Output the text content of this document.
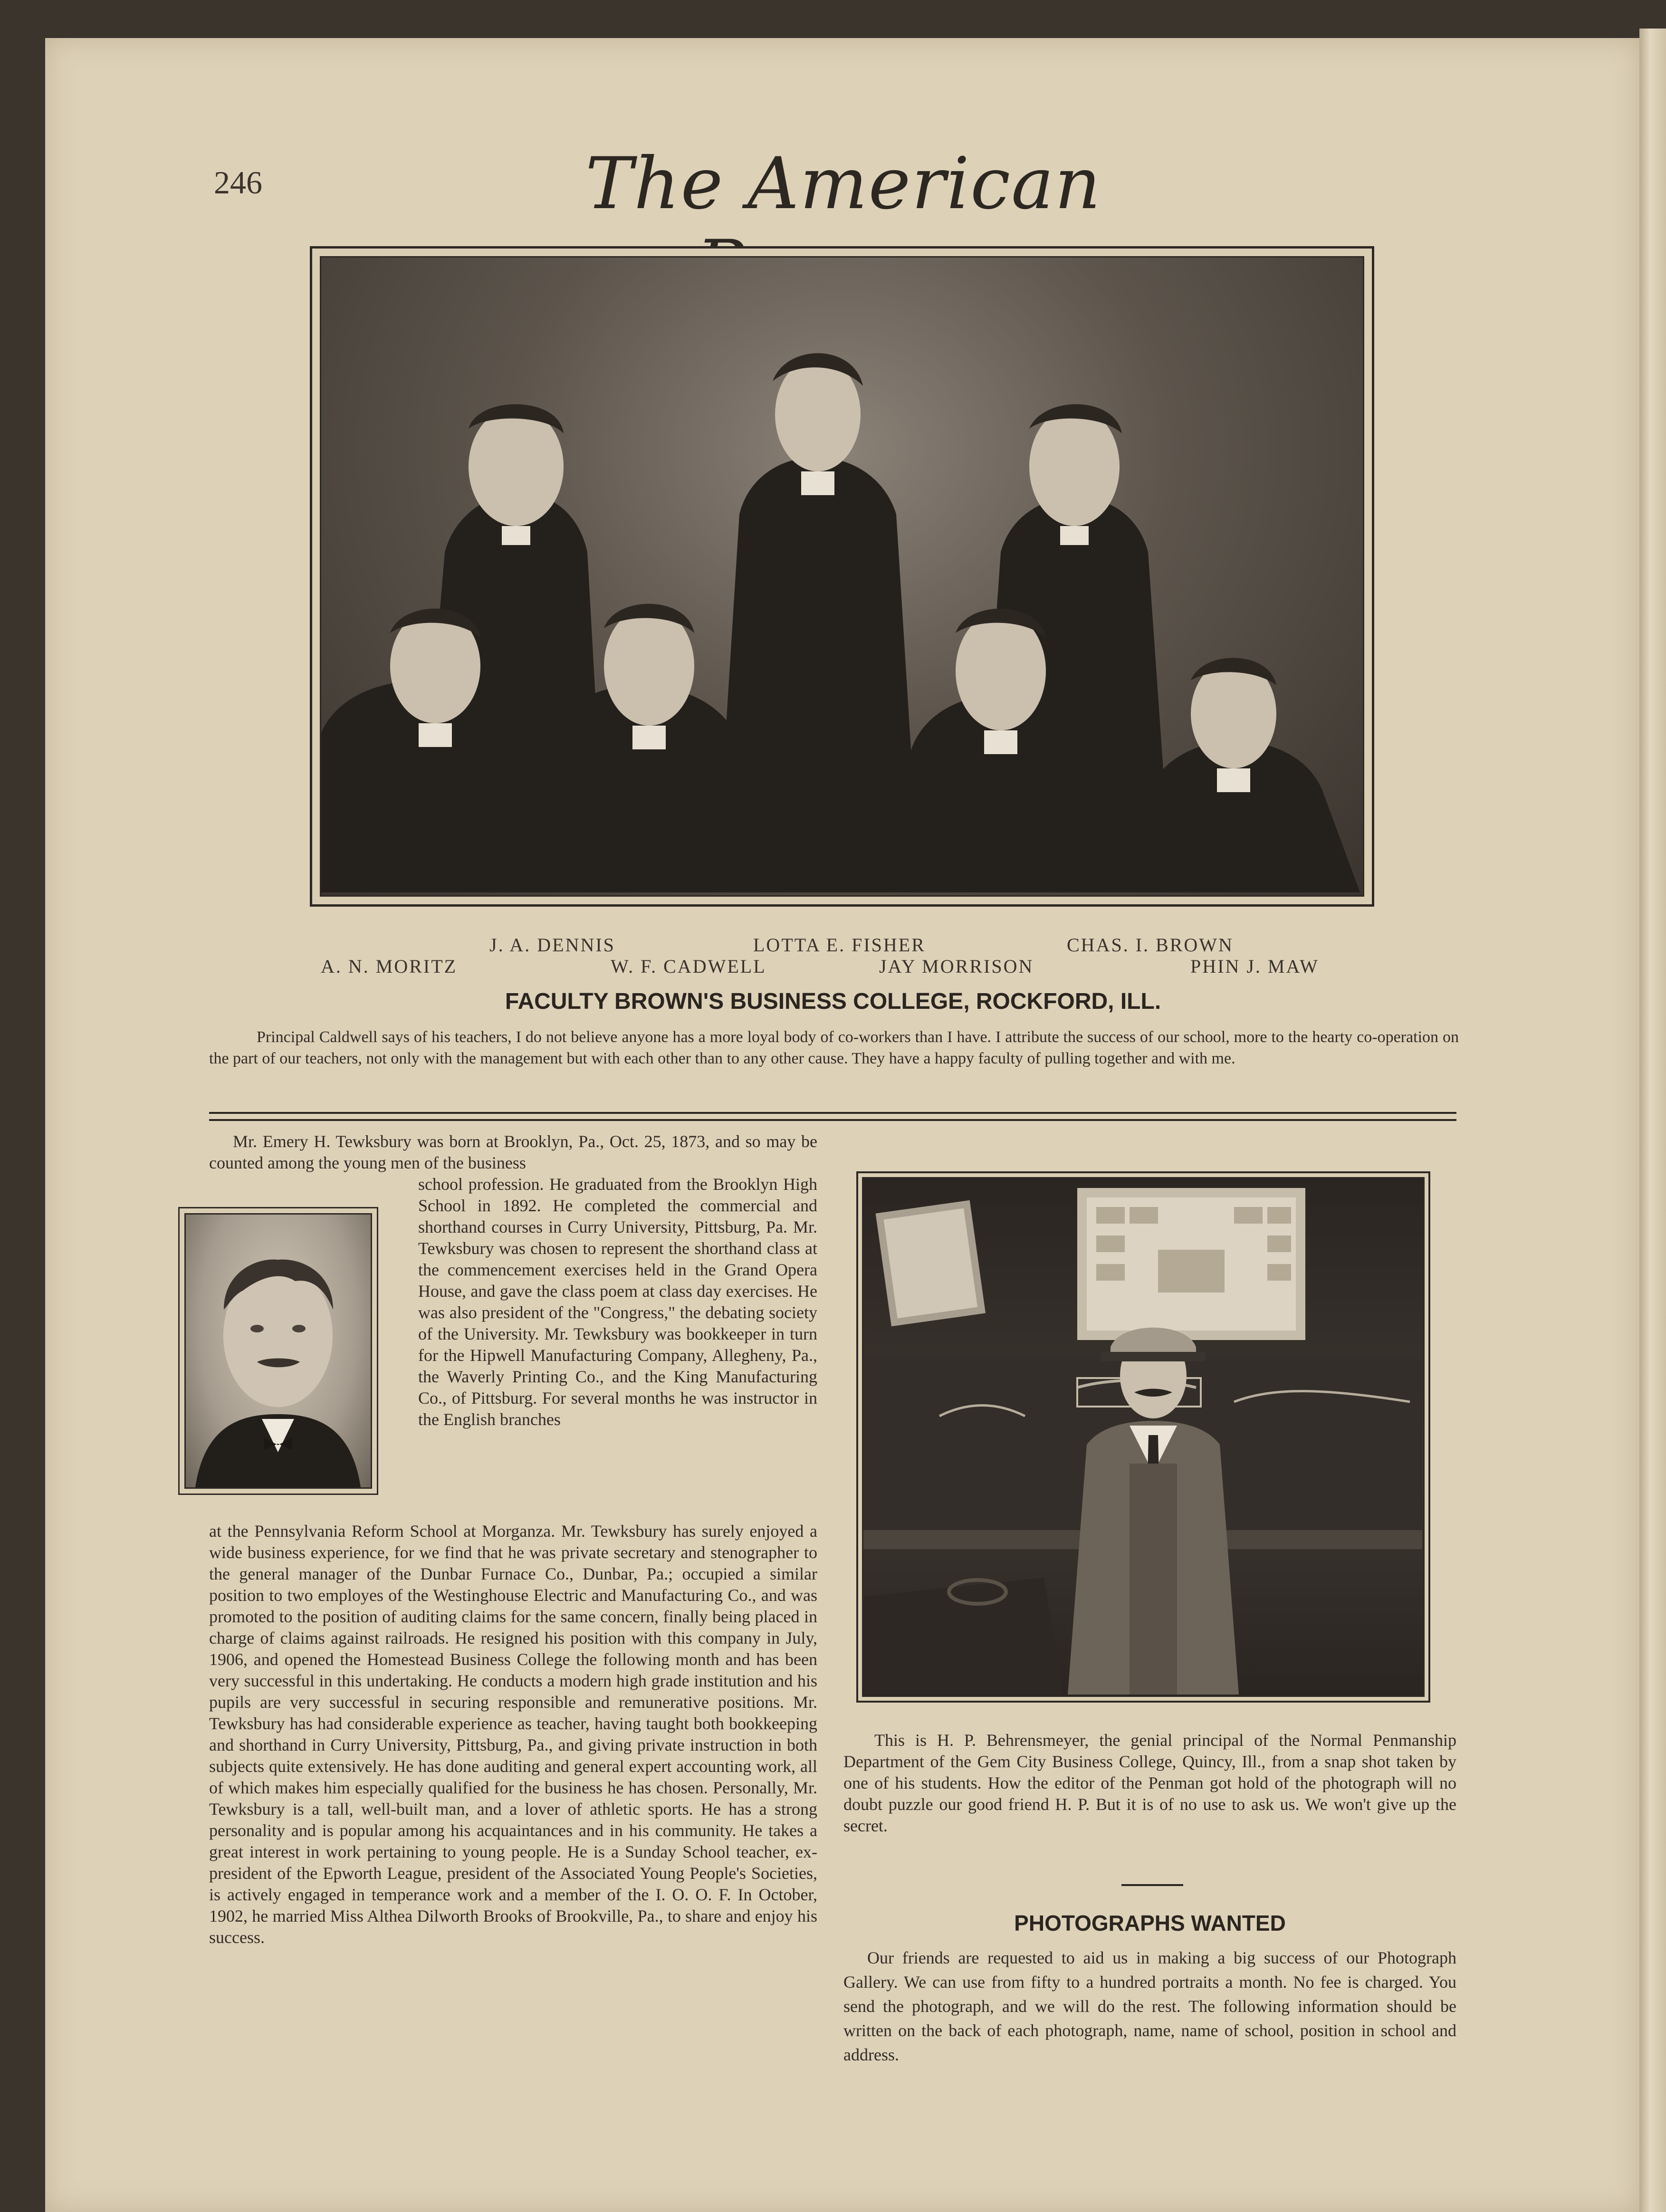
246	The American
J. A. DENNIS	LOTTA E. FISHER	CHAS. I. BROWN
A. N. MORITZ	W. F. CADWELL	JAY MORRISON	PHIN J. MAW
FACULTY BROWN'S BUSINESS COLLEGE, ROCKFORD, ILL.
Principal Caldwell says of his teachers, I do not believe anyone has a more loyal body of co-workers than I have. I attribute the success of our school, more to the hearty co-operation on the part of our teachers, not only with the management but with each other than to any other cause. They have a happy faculty of pulling together and with me.
Mr. Emery H. Tewksbury was born at Brooklyn, Pa., Oct. 25, 1873, and so may be counted among the young men of the business
school profession. He graduated from the Brooklyn High School in 1892. He completed the commercial and shorthand courses in Curry University, Pittsburg, Pa. Mr. Tewksbury was chosen to represent the shorthand class at the commencement exercises held in the Grand Opera House, and gave the class poem at class day exercises. He was also president of the "Congress," the debating society of the University. Mr. Tewksbury was bookkeeper in turn for the Hipwell Manufacturing Company, Allegheny, Pa., the Waverly Printing Co., and the King Manufacturing Co., of Pittsburg. For several months he was instructor in the English branches
at the Pennsylvania Reform School at Morganza. Mr. Tewksbury has surely enjoyed a wide business experience, for we find that he was private secretary and stenographer to the general manager of the Dunbar Furnace Co., Dunbar, Pa.; occupied a similar position to two employes of the Westinghouse Electric and Manufacturing Co., and was promoted to the position of auditing claims for the same concern, finally being placed in charge of claims against railroads. He resigned his position with this company in July, 1906, and opened the Homestead Business College the following month and has been very successful in this undertaking. He conducts a modern high grade institution and his pupils are very successful in securing responsible and remunerative positions. Mr. Tewksbury has had considerable experience as teacher, having taught both bookkeeping and shorthand in Curry University, Pittsburg, Pa., and giving private instruction in both subjects quite extensively. He has done auditing and general expert accounting work, all of which makes him especially qualified for the business he has chosen. Personally, Mr. Tewksbury is a tall, well-built man, and a lover of athletic sports. He has a strong personality and is popular among his acquaintances and in his community. He takes a great interest in work pertaining to young people. He is a Sunday School teacher, ex-president of the Epworth League, president of the Associated Young People's Societies, is actively engaged in temperance work and a member of the I. O. O. F. In October, 1902, he married Miss Althea Dilworth Brooks of Brookville, Pa., to share and enjoy his success.
This is H. P. Behrensmeyer, the genial principal of the Normal Penmanship Department of the Gem City Business College, Quincy, Ill., from a snap shot taken by one of his students. How the editor of the Penman got hold of the photograph will no doubt puzzle our good friend H. P. But it is of no use to ask us. We won't give up the secret.
PHOTOGRAPHS WANTED
Our friends are requested to aid us in making a big success of our Photograph Gallery. We can use from fifty to a hundred portraits a month. No fee is charged. You send the photograph, and we will do the rest. The following information should be written on the back of each photograph, name, name of school, position in school and address.
